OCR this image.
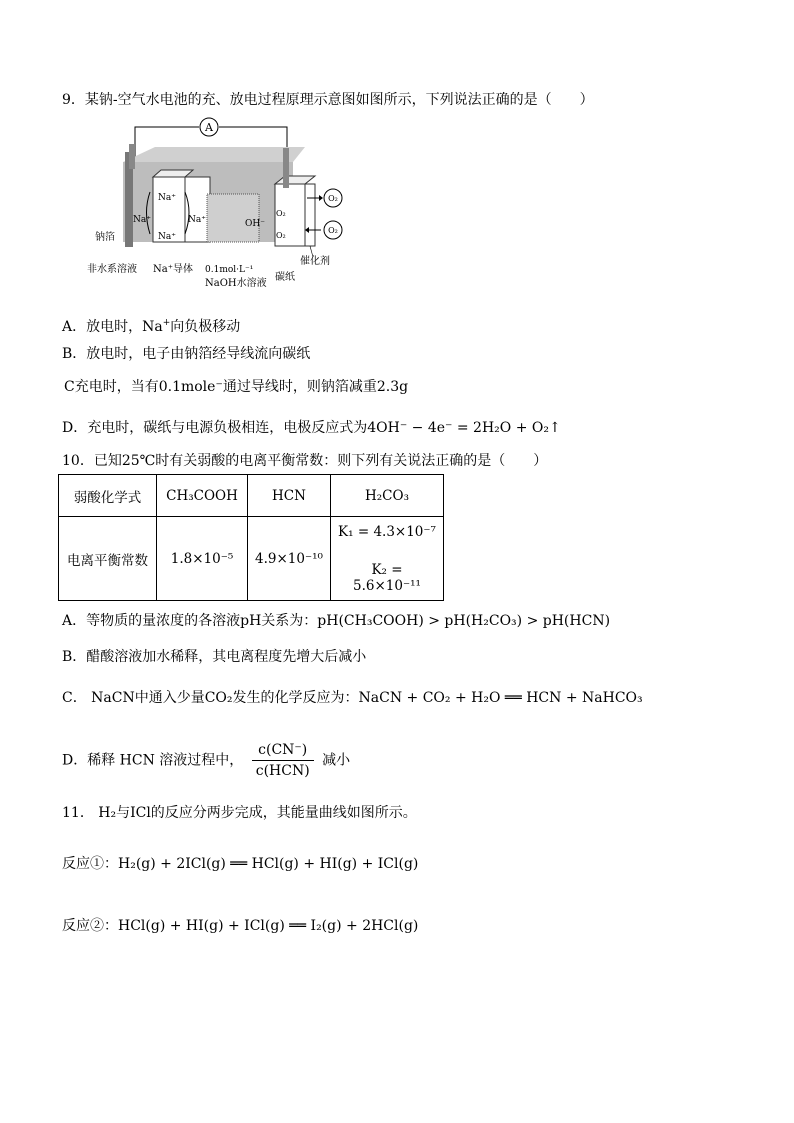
9．某钠-空气水电池的充、放电过程原理示意图如图所示，下列说法正确的是（　　）
A
Na⁺
Na⁺
Na⁺
Na⁺
OH⁻
O₂
O₂
O₂
O₂
钠箔
非水系溶液 Na⁺导体 0.1mol·L⁻¹
NaOH水溶液
碳纸
催化剂
A．放电时，Na+向负极移动
B．放电时，电子由钠箔经导线流向碳纸
C充电时，当有0.1mole⁻通过导线时，则钠箔减重2.3g
D．充电时，碳纸与电源负极相连，电极反应式为4OH⁻ − 4e⁻ = 2H₂O + O₂↑
10．已知25℃时有关弱酸的电离平衡常数：则下列有关说法正确的是（　　）
弱酸化学式	CH₃COOH	HCN	H₂CO₃
电离平衡常数	1.8×10⁻⁵	4.9×10⁻¹⁰	K₁ = 4.3×10⁻⁷
K₂ = 5.6×10⁻¹¹
A．等物质的量浓度的各溶液pH关系为：pH(CH₃COOH) > pH(H₂CO₃) > pH(HCN)
B．醋酸溶液加水稀释，其电离程度先增大后减小
C． NaCN中通入少量CO₂发生的化学反应为：NaCN + CO₂ + H₂O ══ HCN + NaHCO₃
D．稀释 HCN 溶液过程中， $\frac{c(CN^-)}{\text{c(HCN)}}$ 减小
11． H₂与ICl的反应分两步完成，其能量曲线如图所示。
反应①：H₂(g) + 2ICl(g) ══ HCl(g) + HI(g) + ICl(g)
反应②：HCl(g) + HI(g) + ICl(g) ══ I₂(g) + 2HCl(g)
